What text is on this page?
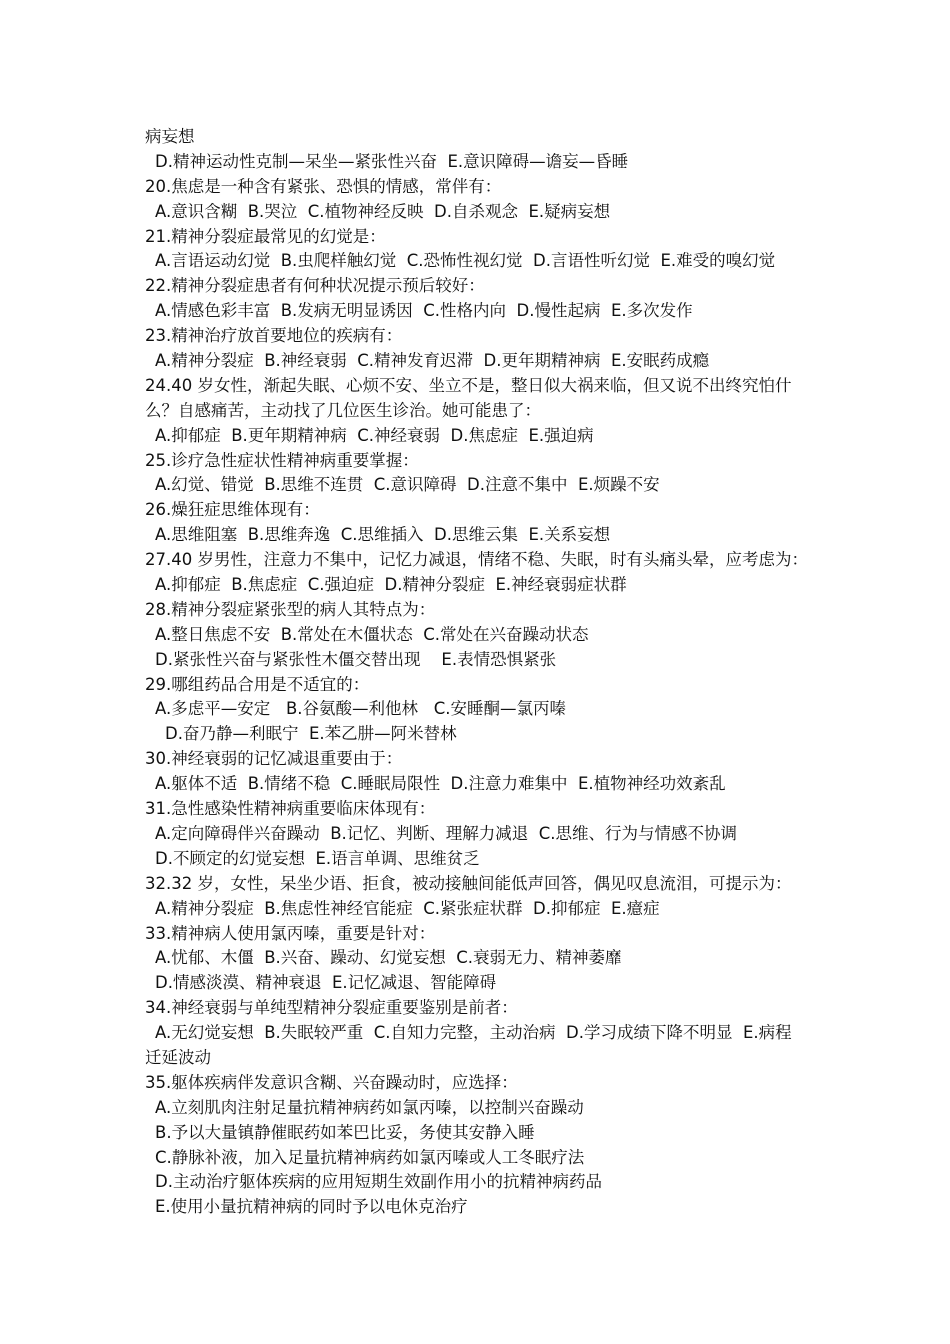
病妄想
D.精神运动性克制—呆坐—紧张性兴奋  E.意识障碍—谵妄—昏睡
20.焦虑是一种含有紧张、恐惧的情感，常伴有：
A.意识含糊  B.哭泣  C.植物神经反映  D.自杀观念  E.疑病妄想
21.精神分裂症最常见的幻觉是：
A.言语运动幻觉  B.虫爬样触幻觉  C.恐怖性视幻觉  D.言语性听幻觉  E.难受的嗅幻觉
22.精神分裂症患者有何种状况提示预后较好：
A.情感色彩丰富  B.发病无明显诱因  C.性格内向  D.慢性起病  E.多次发作
23.精神治疗放首要地位的疾病有：
A.精神分裂症  B.神经衰弱  C.精神发育迟滞  D.更年期精神病  E.安眠药成瘾
24.40 岁女性，渐起失眠、心烦不安、坐立不是，整日似大祸来临，但又说不出终究怕什
么？自感痛苦，主动找了几位医生诊治。她可能患了：
A.抑郁症  B.更年期精神病  C.神经衰弱  D.焦虑症  E.强迫病
25.诊疗急性症状性精神病重要掌握：
A.幻觉、错觉  B.思维不连贯  C.意识障碍  D.注意不集中  E.烦躁不安
26.燥狂症思维体现有：
A.思维阻塞  B.思维奔逸  C.思维插入  D.思维云集  E.关系妄想
27.40 岁男性，注意力不集中，记忆力减退，情绪不稳、失眠，时有头痛头晕，应考虑为：
A.抑郁症  B.焦虑症  C.强迫症  D.精神分裂症  E.神经衰弱症状群
28.精神分裂症紧张型的病人其特点为：
A.整日焦虑不安  B.常处在木僵状态  C.常处在兴奋躁动状态
D.紧张性兴奋与紧张性木僵交替出现    E.表情恐惧紧张
29.哪组药品合用是不适宜的：
A.多虑平—安定   B.谷氨酸—利他林   C.安睡酮—氯丙嗪
D.奋乃静—利眠宁  E.苯乙肼—阿米替林
30.神经衰弱的记忆减退重要由于：
A.躯体不适  B.情绪不稳  C.睡眠局限性  D.注意力难集中  E.植物神经功效紊乱
31.急性感染性精神病重要临床体现有：
A.定向障碍伴兴奋躁动  B.记忆、判断、理解力减退  C.思维、行为与情感不协调
D.不顾定的幻觉妄想  E.语言单调、思维贫乏
32.32 岁，女性，呆坐少语、拒食，被动接触间能低声回答，偶见叹息流泪，可提示为：
A.精神分裂症  B.焦虑性神经官能症  C.紧张症状群  D.抑郁症  E.癔症
33.精神病人使用氯丙嗪，重要是针对：
A.忧郁、木僵  B.兴奋、躁动、幻觉妄想  C.衰弱无力、精神萎靡
D.情感淡漠、精神衰退  E.记忆减退、智能障碍
34.神经衰弱与单纯型精神分裂症重要鉴别是前者：
A.无幻觉妄想  B.失眠较严重  C.自知力完整，主动治病  D.学习成绩下降不明显  E.病程
迁延波动
35.躯体疾病伴发意识含糊、兴奋躁动时，应选择：
A.立刻肌肉注射足量抗精神病药如氯丙嗪，以控制兴奋躁动
B.予以大量镇静催眠药如苯巴比妥，务使其安静入睡
C.静脉补液，加入足量抗精神病药如氯丙嗪或人工冬眠疗法
D.主动治疗躯体疾病的应用短期生效副作用小的抗精神病药品
E.使用小量抗精神病的同时予以电休克治疗
